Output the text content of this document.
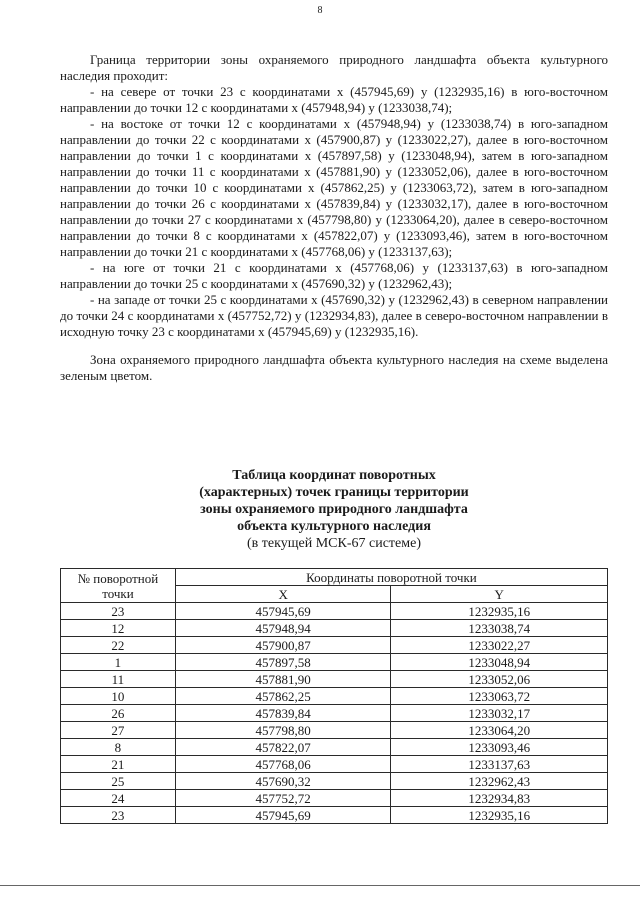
8

Граница территории зоны охраняемого природного ландшафта объекта культурного наследия проходит:

- на севере от точки 23 с координатами x (457945,69) y (1232935,16) в юго-восточном направлении до точки 12 с координатами x (457948,94) y (1233038,74);

- на востоке от точки 12 с координатами x (457948,94) y (1233038,74) в юго-западном направлении до точки 22 с координатами x (457900,87) y (1233022,27), далее в юго-восточном направлении до точки 1 с координатами x (457897,58) y (1233048,94), затем в юго-западном направлении до точки 11 с координатами x (457881,90) y (1233052,06), далее в юго-восточном направлении до точки 10 с координатами x (457862,25) y (1233063,72), затем в юго-западном направлении до точки 26 с координатами x (457839,84) y (1233032,17), далее в юго-восточном направлении до точки 27 с координатами x (457798,80) y (1233064,20), далее в северо-восточном направлении до точки 8 с координатами x (457822,07) y (1233093,46), затем в юго-восточном направлении до точки 21 с координатами x (457768,06) y (1233137,63);

- на юге от точки 21 с координатами x (457768,06) y (1233137,63) в юго-западном направлении до точки 25 с координатами x (457690,32) y (1232962,43);

- на западе от точки 25 с координатами x (457690,32) y (1232962,43) в северном направлении до точки 24 с координатами x (457752,72) y (1232934,83), далее в северо-восточном направлении в исходную точку 23 с координатами x (457945,69) y (1232935,16).

Зона охраняемого природного ландшафта объекта культурного наследия на схеме выделена зеленым цветом.

Таблица координат поворотных
(характерных) точек границы территории
зоны охраняемого природного ландшафта
объекта культурного наследия
(в текущей МСК-67 системе)
№ поворотной
точки	Координаты поворотной точки	
	X	Y
23	457945,69	1232935,16
12	457948,94	1233038,74
22	457900,87	1233022,27
1	457897,58	1233048,94
11	457881,90	1233052,06
10	457862,25	1233063,72
26	457839,84	1233032,17
27	457798,80	1233064,20
8	457822,07	1233093,46
21	457768,06	1233137,63
25	457690,32	1232962,43
24	457752,72	1232934,83
23	457945,69	1232935,16
